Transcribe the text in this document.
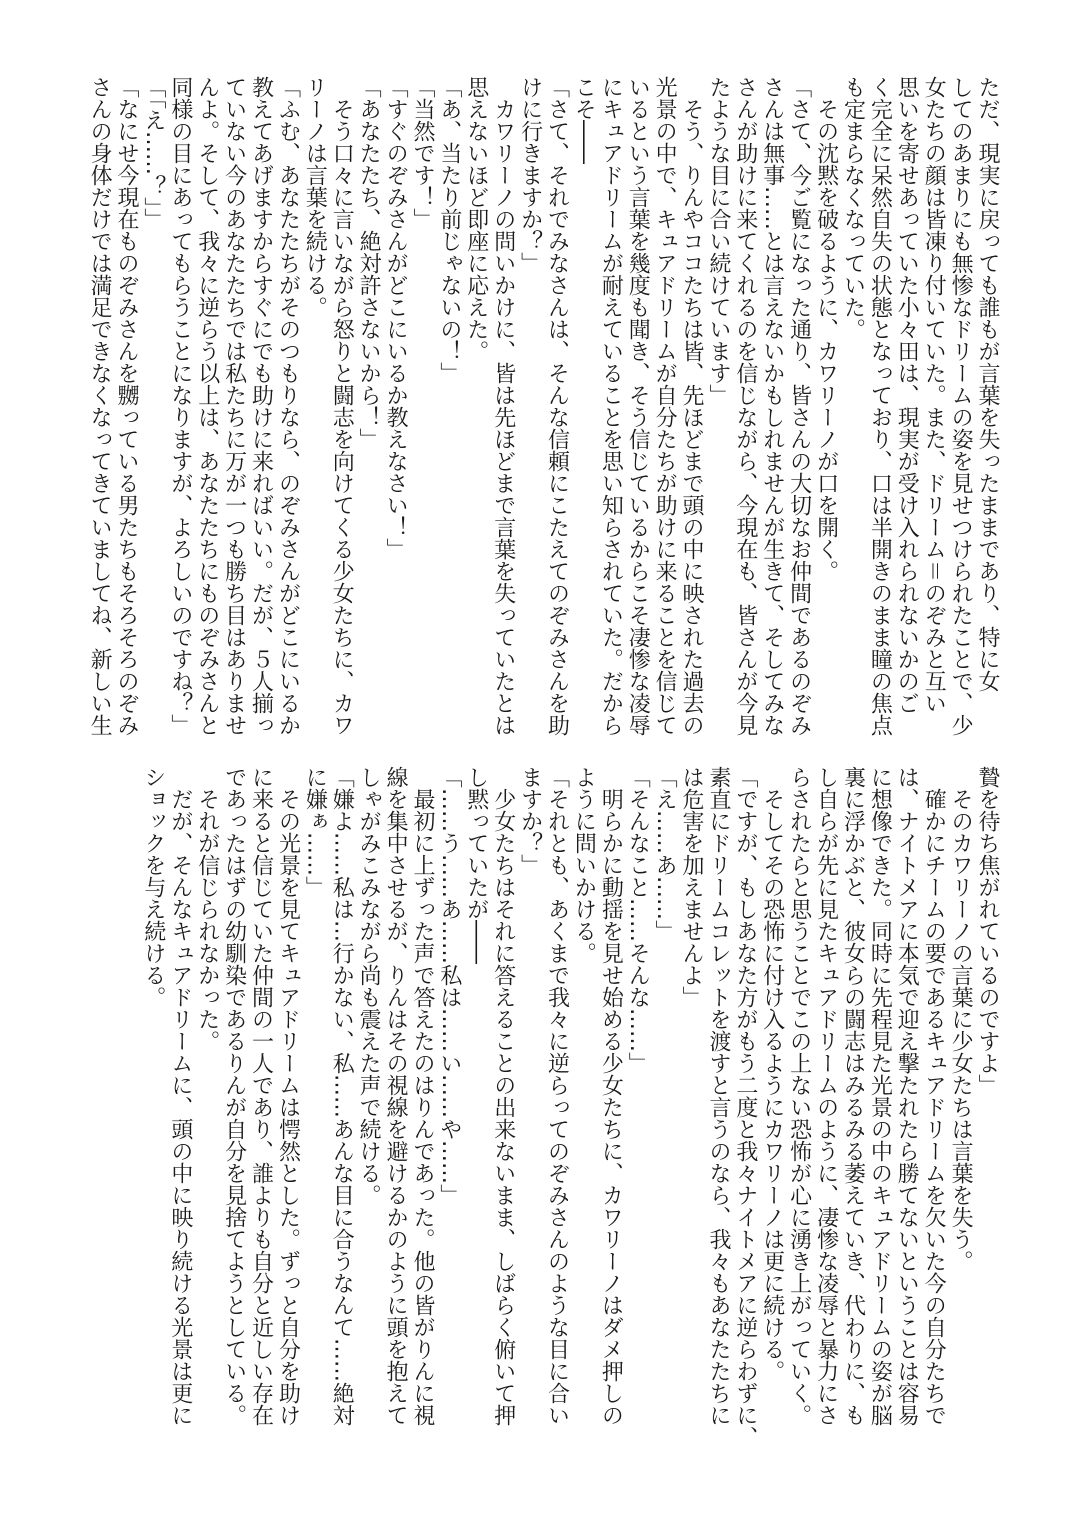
ただ、現実に戻っても誰もが言葉を失ったままであり、特に女
してのあまりにも無惨なドリームの姿を見せつけられたことで、少
女たちの顔は皆凍り付いていた。また、ドリーム＝のぞみと互い
思いを寄せあっていた小々田は、現実が受け入れられないかのご
く完全に呆然自失の状態となっており、口は半開きのまま瞳の焦点
も定まらなくなっていた。
　その沈黙を破るように、カワリーノが口を開く。
「さて、今ご覧になった通り、皆さんの大切なお仲間であるのぞみ
さんは無事……とは言えないかもしれませんが生きて、そしてみな
さんが助けに来てくれるのを信じながら、今現在も、皆さんが今見
たような目に合い続けています」
　そう、りんやココたちは皆、先ほどまで頭の中に映された過去の
光景の中で、キュアドリームが自分たちが助けに来ることを信じて
いるという言葉を幾度も聞き、そう信じているからこそ凄惨な凌辱
にキュアドリームが耐えていることを思い知らされていた。だから
こそ――
「さて、それでみなさんは、そんな信頼にこたえてのぞみさんを助
けに行きますか？」
　カワリーノの問いかけに、皆は先ほどまで言葉を失っていたとは
思えないほど即座に応えた。
「あ、当たり前じゃないの！」
「当然です！」
「すぐのぞみさんがどこにいるか教えなさい！」
「あなたたち、絶対許さないから！」
　そう口々に言いながら怒りと闘志を向けてくる少女たちに、カワ
リーノは言葉を続ける。
「ふむ、あなたたちがそのつもりなら、のぞみさんがどこにいるか
教えてあげますからすぐにでも助けに来ればいい。だが、５人揃っ
ていない今のあなたたちでは私たちに万が一つも勝ち目はありませ
んよ。そして、我々に逆らう以上は、あなたたちにものぞみさんと
同様の目にあってもらうことになりますが、よろしいのですね？」
「「え……？」」
「なにせ今現在ものぞみさんを嬲っている男たちもそろそろのぞみ
さんの身体だけでは満足できなくなってきていましてね、新しい生
贄を待ち焦がれているのですよ」
　そのカワリーノの言葉に少女たちは言葉を失う。
　確かにチームの要であるキュアドリームを欠いた今の自分たちで
は、ナイトメアに本気で迎え撃たれたら勝てないということは容易
に想像できた。同時に先程見た光景の中のキュアドリームの姿が脳
裏に浮かぶと、彼女らの闘志はみるみる萎えていき、代わりに、も
し自らが先に見たキュアドリームのように、凄惨な凌辱と暴力にさ
らされたらと思うことでこの上ない恐怖が心に湧き上がっていく。
　そしてその恐怖に付け入るようにカワリーノは更に続ける。
「ですが、もしあなた方がもう二度と我々ナイトメアに逆らわずに、
素直にドリームコレットを渡すと言うのなら、我々もあなたたちに
は危害を加えませんよ」
「え……あ……」
「そんなこと……そんな……」
　明らかに動揺を見せ始める少女たちに、カワリーノはダメ押しの
ように問いかける。
「それとも、あくまで我々に逆らってのぞみさんのような目に合い
ますか？」
　少女たちはそれに答えることの出来ないまま、しばらく俯いて押
し黙っていたが――
「……う……あ……私は……い……や……」
　最初に上ずった声で答えたのはりんであった。他の皆がりんに視
線を集中させるが、りんはその視線を避けるかのように頭を抱えて
しゃがみこみながら尚も震えた声で続ける。
「嫌よ……私は…行かない、私……あんな目に合うなんて……絶対
に嫌ぁ……」
　その光景を見てキュアドリームは愕然とした。ずっと自分を助け
に来ると信じていた仲間の一人であり、誰よりも自分と近しい存在
であったはずの幼馴染であるりんが自分を見捨てようとしている。
　それが信じられなかった。
　だが、そんなキュアドリームに、頭の中に映り続ける光景は更に
ショックを与え続ける。
